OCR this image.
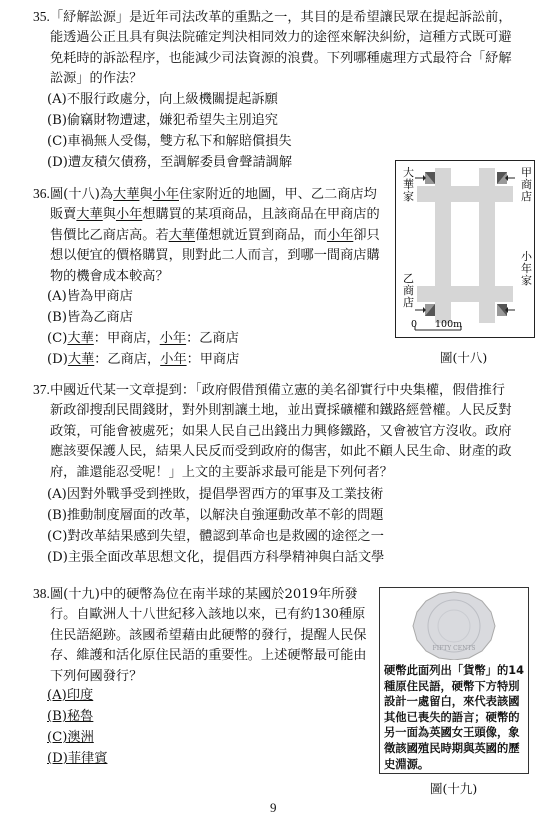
35. 「紓解訟源」是近年司法改革的重點之一，其目的是希望讓民眾在提起訴訟前，能透過公正且具有與法院確定判決相同效力的途徑來解決糾紛，這種方式既可避免耗時的訴訟程序，也能減少司法資源的浪費。下列哪種處理方式最符合「紓解訟源」的作法？
(A)不服行政處分，向上級機關提起訴願
(B)偷竊財物遭逮，嫌犯希望失主別追究
(C)車禍無人受傷，雙方私下和解賠償損失
(D)遭友積欠債務，至調解委員會聲請調解
36. 圖(十八)為大華與小年住家附近的地圖，甲、乙二商店均販賣大華與小年想購買的某項商品，且該商品在甲商店的售價比乙商店高。若大華僅想就近買到商品，而小年卻只想以便宜的價格購買，則對此二人而言，到哪一間商店購物的機會成本較高？
(A)皆為甲商店
(B)皆為乙商店
(C)大華：甲商店，小年：乙商店
(D)大華：乙商店，小年：甲商店
大華家
甲商店
乙商店
小年家
0 100m
圖(十八)
37. 中國近代某一文章提到：「政府假借預備立憲的美名卻實行中央集權，假借推行新政卻搜刮民間錢財，對外則割讓土地，並出賣採礦權和鐵路經營權。人民反對政策，可能會被處死；如果人民自己出錢出力興修鐵路，又會被官方沒收。政府應該要保護人民，結果人民反而受到政府的傷害，如此不顧人民生命、財產的政府，誰還能忍受呢！」上文的主要訴求最可能是下列何者？
(A)因對外戰爭受到挫敗，提倡學習西方的軍事及工業技術
(B)推動制度層面的改革，以解決自強運動改革不彰的問題
(C)對改革結果感到失望，體認到革命也是救國的途徑之一
(D)主張全面改革思想文化，提倡西方科學精神與白話文學
38. 圖(十九)中的硬幣為位在南半球的某國於2019年所發行。自歐洲人十八世紀移入該地以來，已有約130種原住民語絕跡。該國希望藉由此硬幣的發行，提醒人民保存、維護和活化原住民語的重要性。上述硬幣最可能由下列何國發行？
(A)印度
(B)秘魯
(C)澳洲
(D)菲律賓
FIFTY CENTS
硬幣此面列出「貨幣」的14種原住民語，硬幣下方特別設計一處留白，來代表該國其他已喪失的語言；硬幣的另一面為英國女王頭像，象徵該國殖民時期與英國的歷史淵源。
圖(十九)
9
